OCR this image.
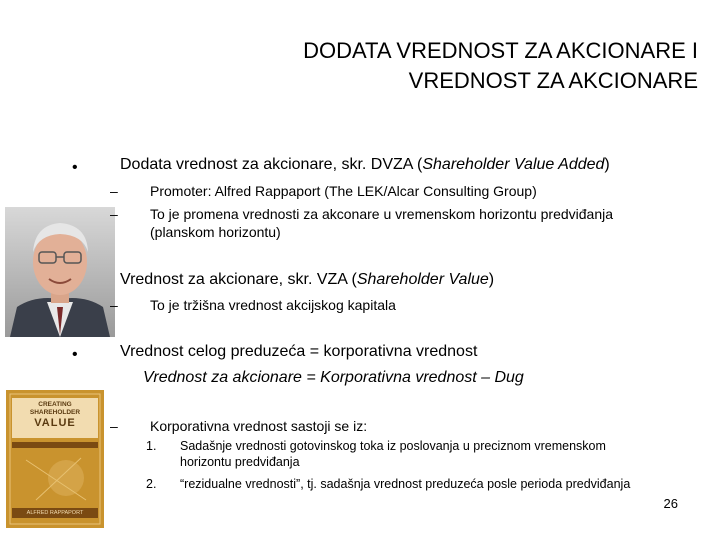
DODATA VREDNOST ZA AKCIONARE I
VREDNOST ZA AKCIONARE
CREATING
SHAREHOLDER
VALUE
ALFRED RAPPAPORT
•	Dodata vrednost za akcionare, skr. DVZA (Shareholder Value Added)
– Promoter: Alfred Rappaport (The LEK/Alcar Consulting Group)
– To je promena vrednosti za akconare u vremenskom horizontu predviđanja
(planskom horizontu)
Vrednost za akcionare, skr. VZA (Shareholder Value)
– To je tržišna vrednost akcijskog kapitala
•	Vrednost celog preduzeća = korporativna vrednost
Vrednost za akcionare = Korporativna vrednost – Dug
– Korporativna vrednost sastoji se iz:
1. Sadašnje vrednosti gotovinskog toka iz poslovanja u preciznom vremenskom
horizontu predviđanja
2. “rezidualne vrednosti”, tj. sadašnja vrednost preduzeća posle perioda predviđanja
26
